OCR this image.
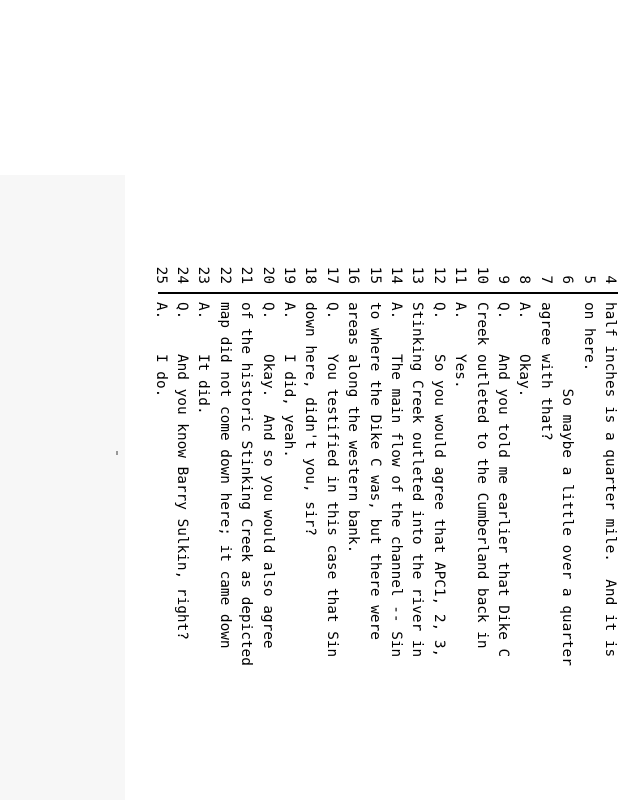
4
half inches is a quarter mile.  And it is
5
on here.
6
So maybe a little over a quarter
7
agree with that?
8
A.    Okay.
9
Q.    And you told me earlier that Dike C
10
Creek outleted to the Cumberland back in
11
A.    Yes.
12
Q.    So you would agree that APC1, 2, 3,
13
Stinking Creek outleted into the river in
14
A.    The main flow of the channel -- Sin
15
to where the Dike C was, but there were
16
areas along the western bank.
17
Q.    You testified in this case that Sin
18
down here, didn't you, sir?
19
A.    I did, yeah.
20
Q.    Okay.  And so you would also agree
21
of the historic Stinking Creek as depicted
22
map did not come down here; it came down
23
A.    It did.
24
Q.    And you know Barry Sulkin, right?
25
A.    I do.
